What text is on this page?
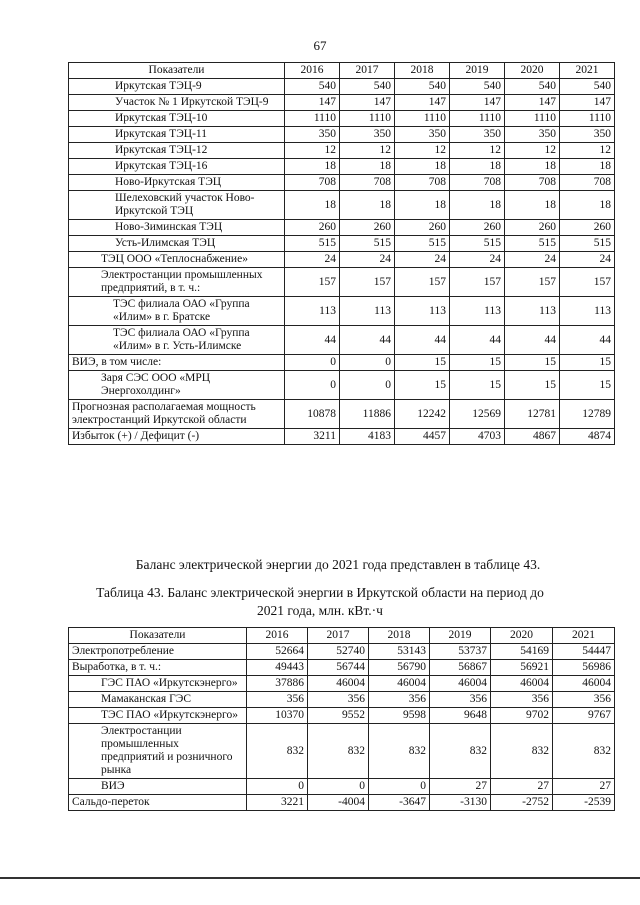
67
Показатели	2016	2017	2018	2019	2020	2021
Иркутская ТЭЦ-9	540	540	540	540	540	540
Участок № 1 Иркутской ТЭЦ-9	147	147	147	147	147	147
Иркутская ТЭЦ-10	1110	1110	1110	1110	1110	1110
Иркутская ТЭЦ-11	350	350	350	350	350	350
Иркутская ТЭЦ-12	12	12	12	12	12	12
Иркутская ТЭЦ-16	18	18	18	18	18	18
Ново-Иркутская ТЭЦ	708	708	708	708	708	708
Шелеховский участок Ново-Иркутской ТЭЦ	18	18	18	18	18	18
Ново-Зиминская ТЭЦ	260	260	260	260	260	260
Усть-Илимская ТЭЦ	515	515	515	515	515	515
ТЭЦ ООО «Теплоснабжение»	24	24	24	24	24	24
Электростанции промышленных предприятий, в т. ч.:	157	157	157	157	157	157
ТЭС филиала ОАО «Группа «Илим» в г. Братске	113	113	113	113	113	113
ТЭС филиала ОАО «Группа «Илим» в г. Усть-Илимске	44	44	44	44	44	44
ВИЭ, в том числе:	0	0	15	15	15	15
Заря СЭС ООО «МРЦ Энергохолдинг»	0	0	15	15	15	15
Прогнозная располагаемая мощность электростанций Иркутской области	10878	11886	12242	12569	12781	12789
Избыток (+) / Дефицит (-)	3211	4183	4457	4703	4867	4874
Баланс электрической энергии до 2021 года представлен в таблице 43.
Таблица 43. Баланс электрической энергии в Иркутской области на период до
2021 года, млн. кВт.·ч
Показатели	2016	2017	2018	2019	2020	2021
Электропотребление	52664	52740	53143	53737	54169	54447
Выработка, в т. ч.:	49443	56744	56790	56867	56921	56986
ГЭС ПАО «Иркутскэнерго»	37886	46004	46004	46004	46004	46004
Мамаканская ГЭС	356	356	356	356	356	356
ТЭС ПАО «Иркутскэнерго»	10370	9552	9598	9648	9702	9767
Электростанции промышленных предприятий и розничного рынка	832	832	832	832	832	832
ВИЭ	0	0	0	27	27	27
Сальдо-переток	3221	-4004	-3647	-3130	-2752	-2539
